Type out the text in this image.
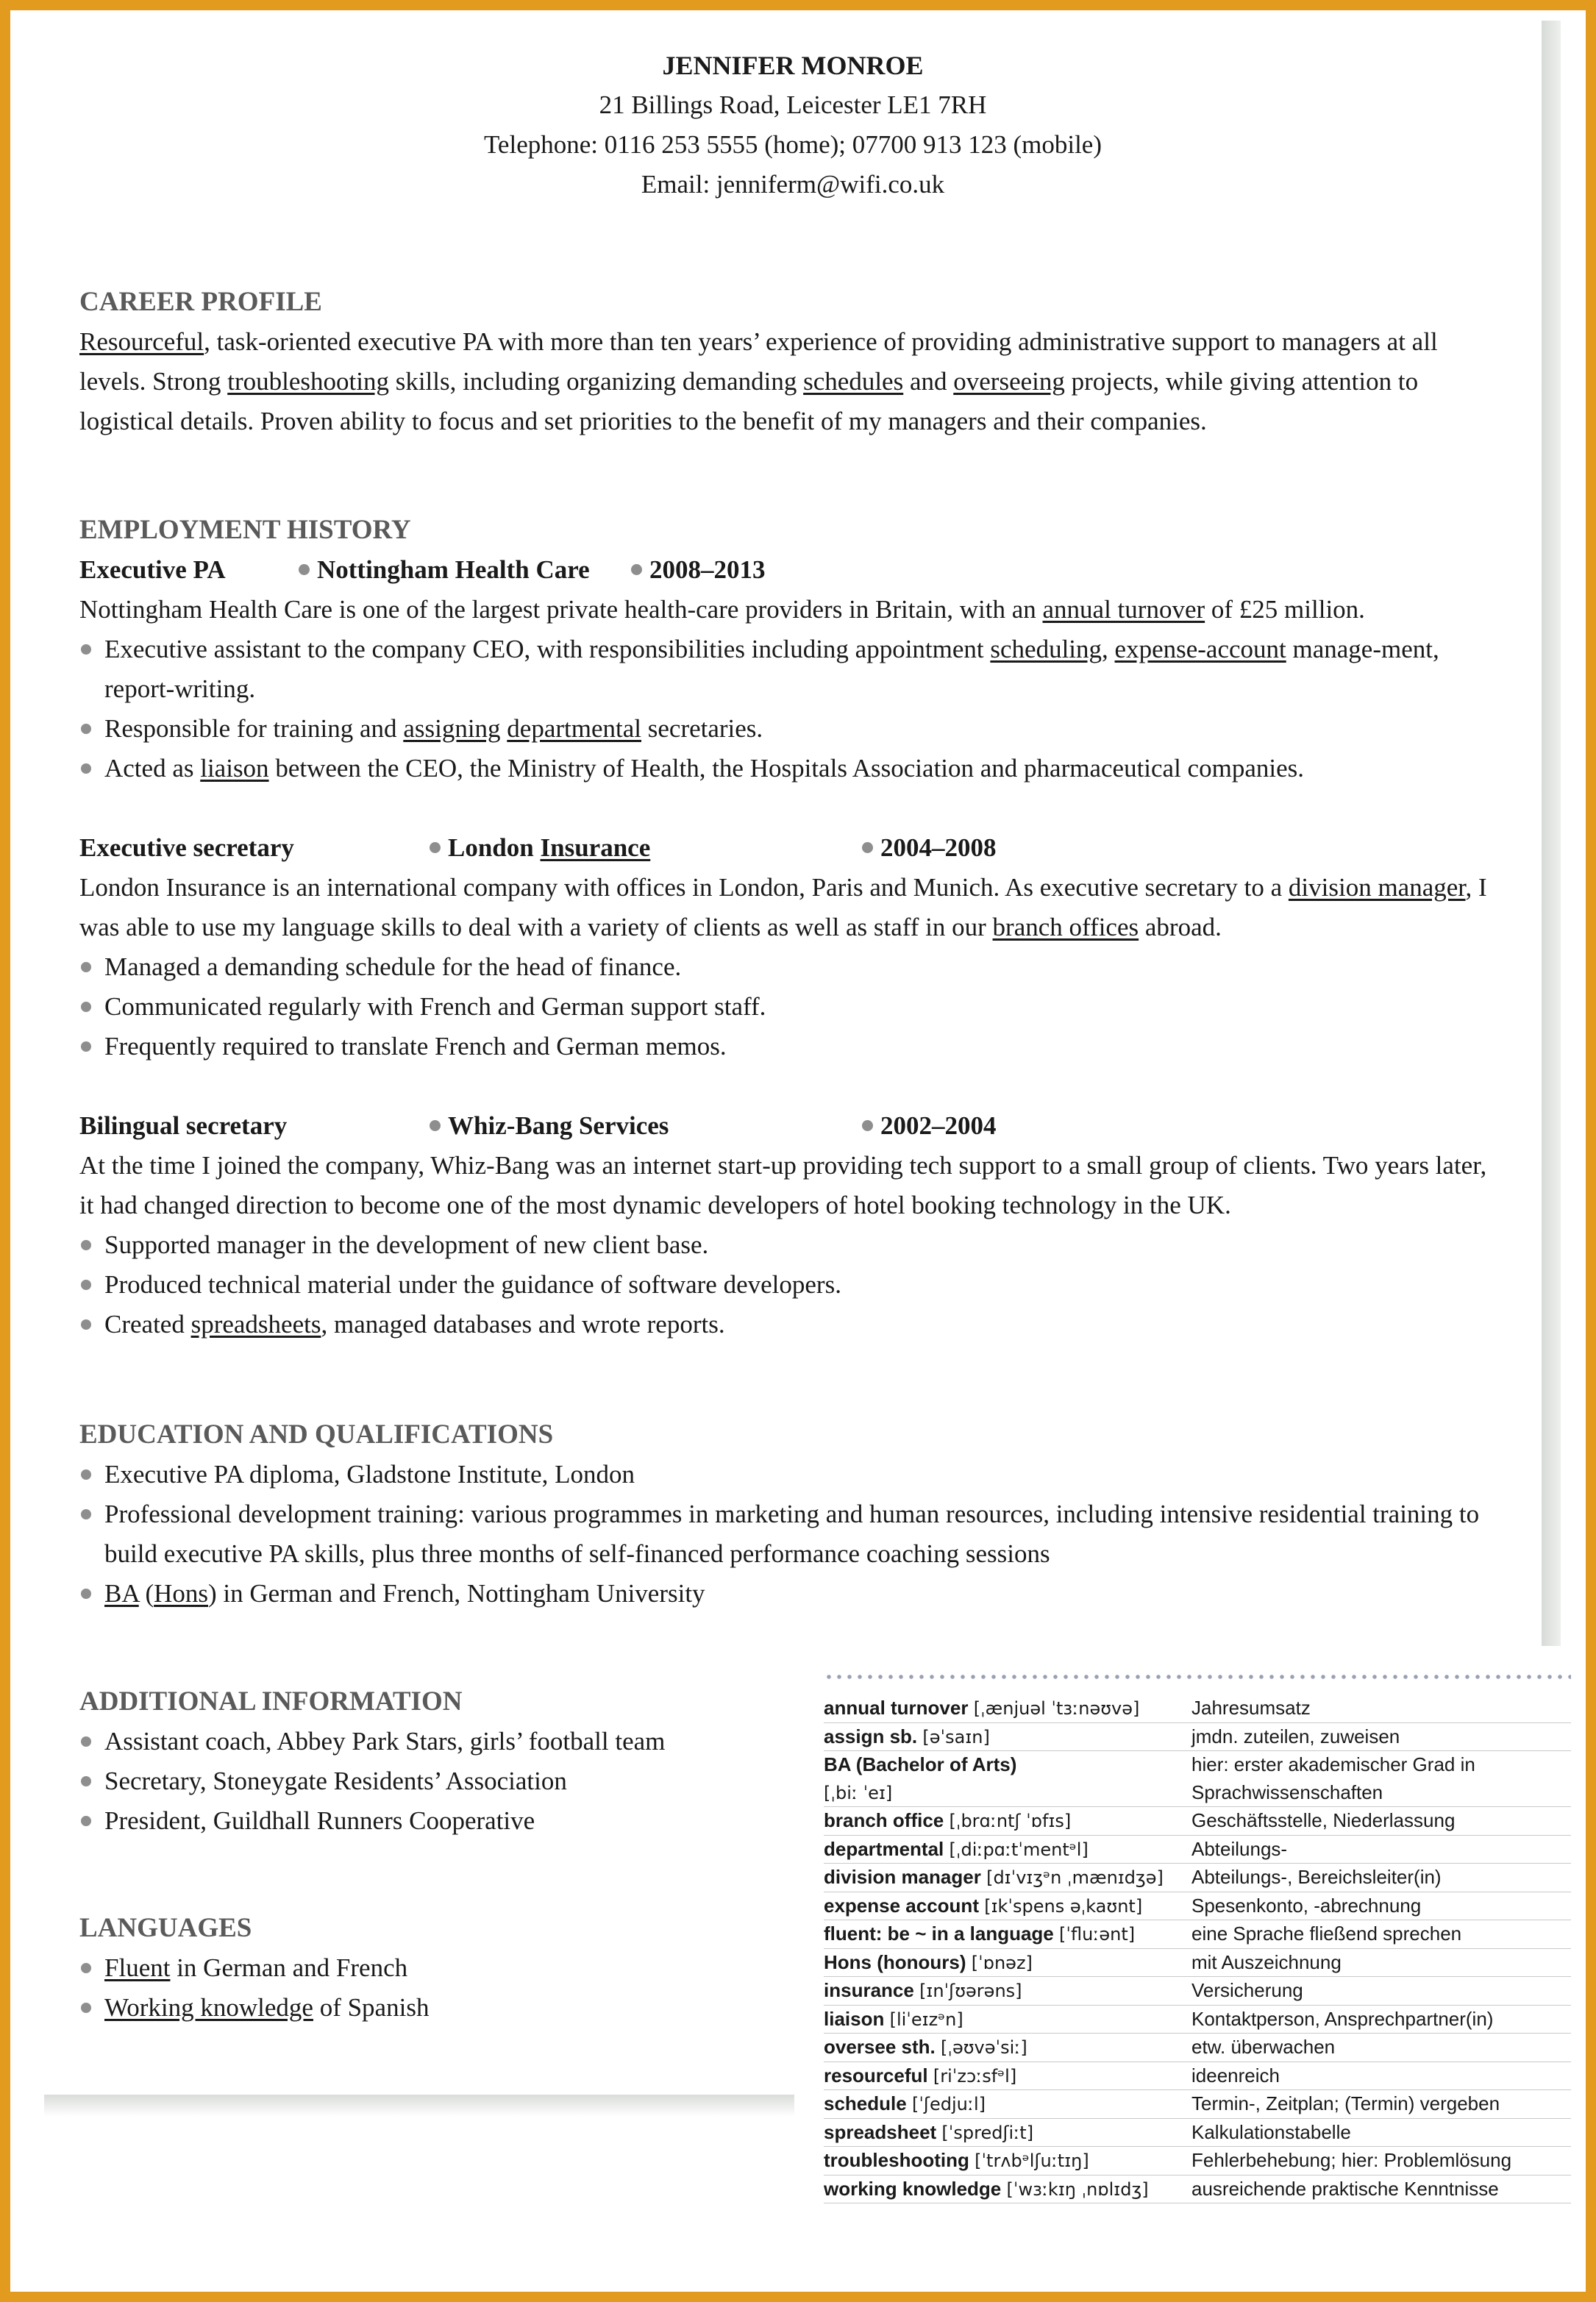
JENNIFER MONROE
21 Billings Road, Leicester LE1 7RH
Telephone: 0116 253 5555 (home); 07700 913 123 (mobile)
Email: jenniferm@wifi.co.uk
CAREER PROFILE

Resourceful, task-oriented executive PA with more than ten years’ experience of providing administrative support to managers at all levels. Strong troubleshooting skills, including organizing demanding schedules and overseeing projects, while giving attention to logistical details. Proven ability to focus and set priorities to the benefit of my managers and their companies.

EMPLOYMENT HISTORY
Executive PA	Nottingham Health Care	2008–2013

Nottingham Health Care is one of the largest private health-care providers in Britain, with an annual turnover of £25 million.

Executive assistant to the company CEO, with responsibilities including appointment scheduling, expense-account manage-ment, report-writing.
Responsible for training and assigning departmental secretaries.
Acted as liaison between the CEO, the Ministry of Health, the Hospitals Association and pharmaceutical companies.
Executive secretary	London Insurance	2004–2008

London Insurance is an international company with offices in London, Paris and Munich. As executive secretary to a division manager, I was able to use my language skills to deal with a variety of clients as well as staff in our branch offices abroad.

Managed a demanding schedule for the head of finance.
Communicated regularly with French and German support staff.
Frequently required to translate French and German memos.
Bilingual secretary	Whiz-Bang Services	2002–2004

At the time I joined the company, Whiz-Bang was an internet start-up providing tech support to a small group of clients. Two years later, it had changed direction to become one of the most dynamic developers of hotel booking technology in the UK.

Supported manager in the development of new client base.
Produced technical material under the guidance of software developers.
Created spreadsheets, managed databases and wrote reports.
EDUCATION AND QUALIFICATIONS
Executive PA diploma, Gladstone Institute, London
Professional development training: various programmes in marketing and human resources, including intensive residential training to build executive PA skills, plus three months of self-financed performance coaching sessions
BA (Hons) in German and French, Nottingham University
ADDITIONAL INFORMATION
Assistant coach, Abbey Park Stars, girls’ football team
Secretary, Stoneygate Residents’ Association
President, Guildhall Runners Cooperative
LANGUAGES
Fluent in German and French
Working knowledge of Spanish
annual turnover [ˌænjuəl ˈtɜːnəʊvə]	Jahresumsatz
assign sb. [əˈsaɪn]	jmdn. zuteilen, zuweisen
BA (Bachelor of Arts)	hier: erster akademischer Grad in
[ˌbiː ˈeɪ]	Sprachwissenschaften
branch office [ˌbrɑːntʃ ˈɒfɪs]	Geschäftsstelle, Niederlassung
departmental [ˌdiːpɑːtˈmentᵊl]	Abteilungs-
division manager [dɪˈvɪʒᵊn ˌmænɪdʒə]	Abteilungs-, Bereichsleiter(in)
expense account [ɪkˈspens əˌkaʊnt]	Spesenkonto, -abrechnung
fluent: be ~ in a language [ˈfluːənt]	eine Sprache fließend sprechen
Hons (honours) [ˈɒnəz]	mit Auszeichnung
insurance [ɪnˈʃʊərəns]	Versicherung
liaison [liˈeɪzᵊn]	Kontaktperson, Ansprechpartner(in)
oversee sth. [ˌəʊvəˈsiː]	etw. überwachen
resourceful [riˈzɔːsfᵊl]	ideenreich
schedule [ˈʃedjuːl]	Termin-, Zeitplan; (Termin) vergeben
spreadsheet [ˈspredʃiːt]	Kalkulationstabelle
troubleshooting [ˈtrʌbᵊlʃuːtɪŋ]	Fehlerbehebung; hier: Problemlösung
working knowledge [ˈwɜːkɪŋ ˌnɒlɪdʒ]	ausreichende praktische Kenntnisse
